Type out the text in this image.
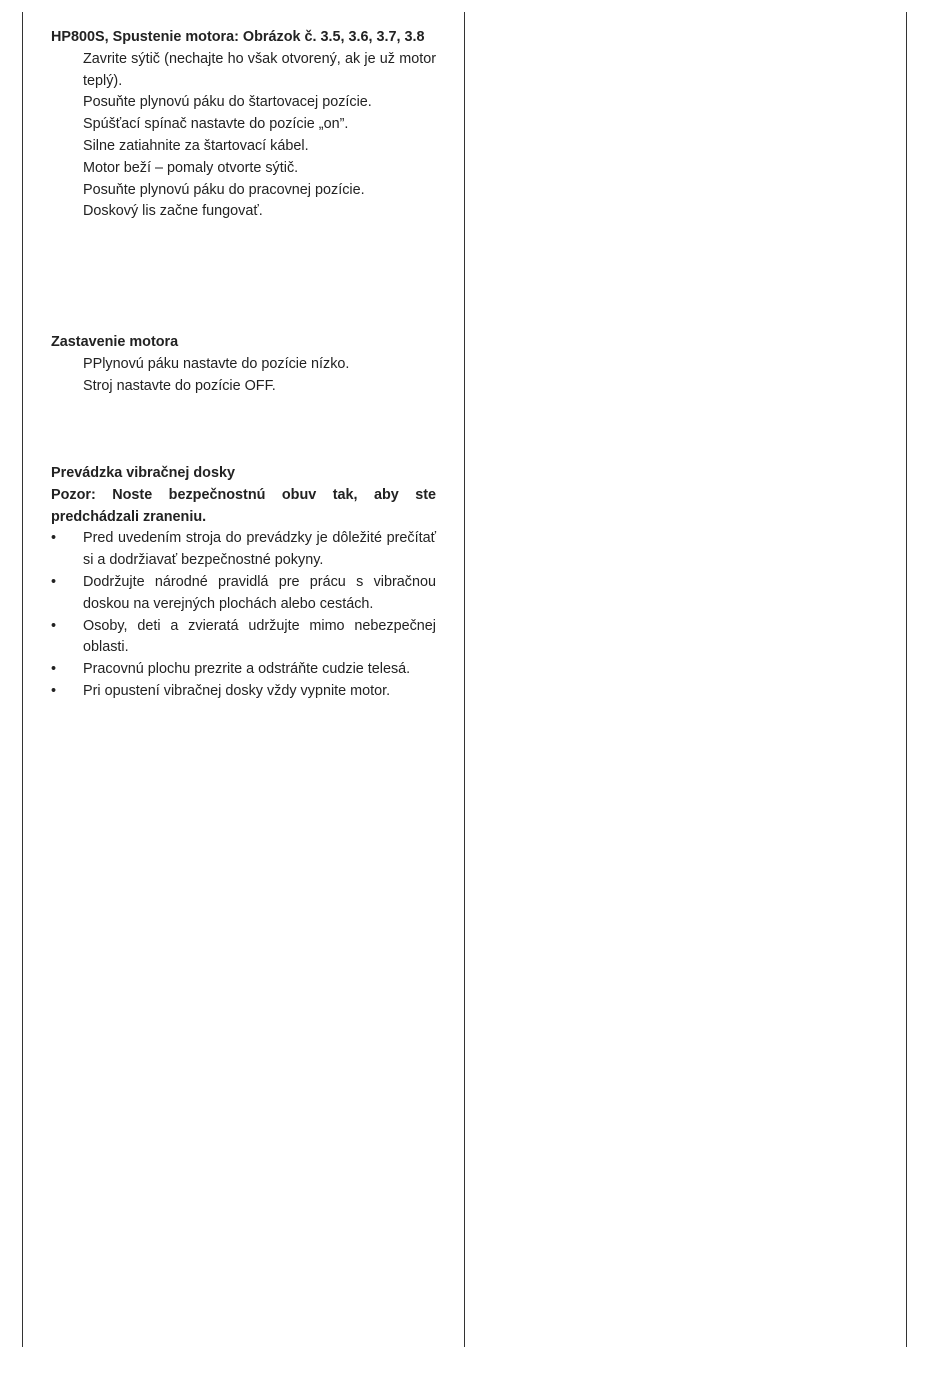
HP800S, Spustenie motora: Obrázok č. 3.5, 3.6, 3.7, 3.8
Zavrite sýtič (nechajte ho však otvorený, ak je už motor teplý).
Posuňte plynovú páku do štartovacej pozície.
Spúšťací spínač nastavte do pozície „on”.
Silne zatiahnite za štartovací kábel.
Motor beží – pomaly otvorte sýtič.
Posuňte plynovú páku do pracovnej pozície.
Doskový lis začne fungovať.
Zastavenie motora
PPlynovú páku nastavte do pozície nízko.
Stroj nastavte do pozície OFF.
Prevádzka vibračnej dosky
Pozor: Noste bezpečnostnú obuv tak, aby ste predchádzali zraneniu.
• Pred uvedením stroja do prevádzky je dôležité prečítať si a dodržiavať bezpečnostné pokyny.
• Dodržujte národné pravidlá pre prácu s vibračnou doskou na verejných plochách alebo cestách.
• Osoby, deti a zvieratá udržujte mimo nebezpečnej oblasti.
• Pracovnú plochu prezrite a odstráňte cudzie telesá.
• Pri opustení vibračnej dosky vždy vypnite motor.
